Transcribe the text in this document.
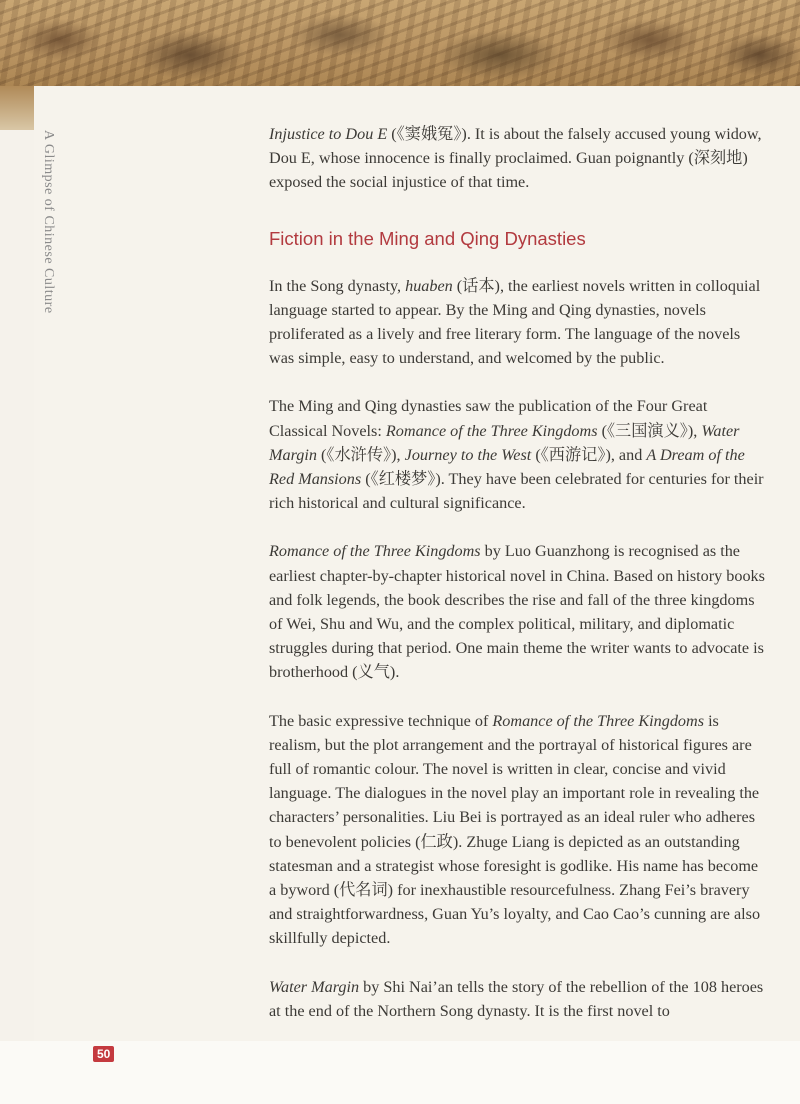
A Glimpse of Chinese Culture	Injustice to Dou E (《窦娥冤》). It is about the falsely accused young widow, Dou E, whose innocence is finally proclaimed. Guan poignantly (深刻地) exposed the social injustice of that time.

Fiction in the Ming and Qing Dynasties

In the Song dynasty, huaben (话本), the earliest novels written in colloquial language started to appear. By the Ming and Qing dynasties, novels proliferated as a lively and free literary form. The language of the novels was simple, easy to understand, and welcomed by the public.

The Ming and Qing dynasties saw the publication of the Four Great Classical Novels: Romance of the Three Kingdoms (《三国演义》), Water Margin (《水浒传》), Journey to the West (《西游记》), and A Dream of the Red Mansions (《红楼梦》). They have been celebrated for centuries for their rich historical and cultural significance.

Romance of the Three Kingdoms by Luo Guanzhong is recognised as the earliest chapter-by-chapter historical novel in China. Based on history books and folk legends, the book describes the rise and fall of the three kingdoms of Wei, Shu and Wu, and the complex political, military, and diplomatic struggles during that period. One main theme the writer wants to advocate is brotherhood (义气).

The basic expressive technique of Romance of the Three Kingdoms is realism, but the plot arrangement and the portrayal of historical figures are full of romantic colour. The novel is written in clear, concise and vivid language. The dialogues in the novel play an important role in revealing the characters’ personalities. Liu Bei is portrayed as an ideal ruler who adheres to benevolent policies (仁政). Zhuge Liang is depicted as an outstanding statesman and a strategist whose foresight is godlike. His name has become a byword (代名词) for inexhaustible resourcefulness. Zhang Fei’s bravery and straightforwardness, Guan Yu’s loyalty, and Cao Cao’s cunning are also skillfully depicted.

Water Margin by Shi Nai’an tells the story of the rebellion of the 108 heroes at the end of the Northern Song dynasty. It is the first novel to

50
